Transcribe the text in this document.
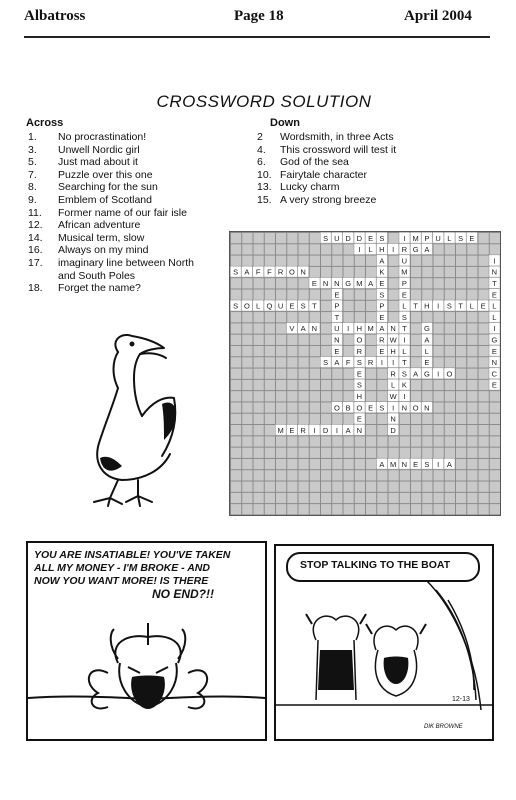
Albatross	Page 18	April 2004
CROSSWORD SOLUTION
Across
1. No procrastination!
3. Unwell Nordic girl
5. Just mad about it
7. Puzzle over this one
8. Searching for the sun
9. Emblem of Scotland
11. Former name of our fair isle
12. African adventure
14. Musical term, slow
16. Always on my mind
17. imaginary line between North
and South Poles
18. Forget the name?
Down
2 Wordsmith, in three Acts
4. This crossword will test it
6. God of the sea
10. Fairytale character
13. Lucky charm
15. A very strong breeze
S U D D E S	I M P U L S E
I L H I R G A
S A F F R O N
E N N G M A
S O L Q U E S T	T H I S T L E
V A N U I H M A N
S A F S R I
R S A G I O
O B O E S I N O N
M E R I D I A N
A M N E S I A
A
K
E
S
P
E
R
E
E
P
T
N
E
G
A
L
E
W
H
I
L
W
N
D
I
N
T
E
L
L
I
G
E
N
C
E
U
M
P
E
L
S
T
I
L
T
K
I
O
R
E
S
H
E
.
YOU ARE INSATIABLE! YOU'VE TAKEN
ALL MY MONEY - I'M BROKE - AND
NOW YOU WANT MORE! IS THERE
NO END?!!
STOP TALKING TO THE BOAT
12-13
DIK BROWNE
